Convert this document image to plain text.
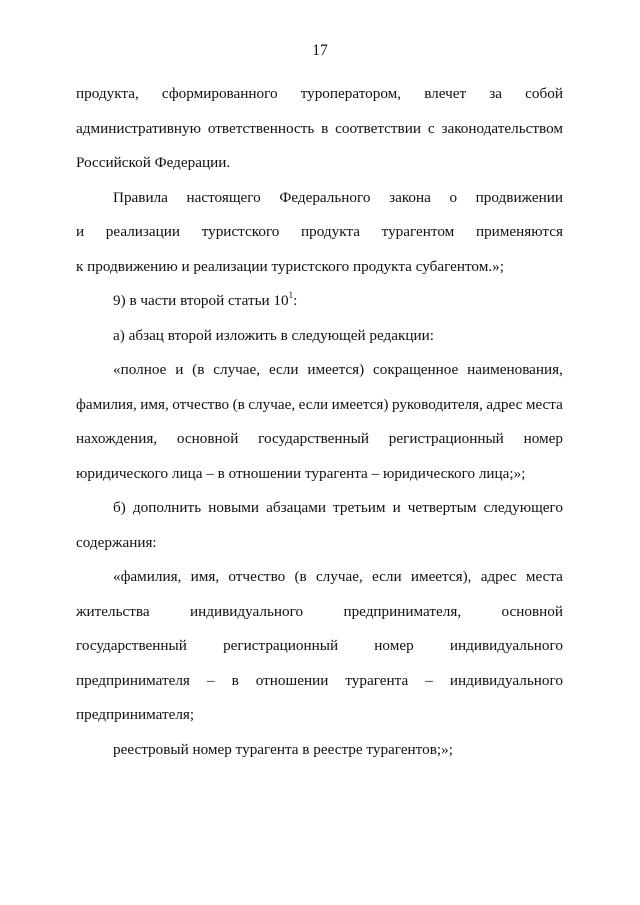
17
продукта, сформированного туроператором, влечет за собой
административную ответственность в соответствии с законодательством
Российской Федерации.
Правила настоящего Федерального закона о продвижении
и реализации туристского продукта турагентом применяются
к продвижению и реализации туристского продукта субагентом.»;
9) в части второй статьи $10^1$:
а) абзац второй изложить в следующей редакции:
«полное и (в случае, если имеется) сокращенное наименования,
фамилия, имя, отчество (в случае, если имеется) руководителя, адрес места
нахождения, основной государственный регистрационный номер
юридического лица – в отношении турагента – юридического лица;»;
б) дополнить новыми абзацами третьим и четвертым следующего
содержания:
«фамилия, имя, отчество (в случае, если имеется), адрес места
жительства	индивидуального	предпринимателя,	основной
государственный регистрационный номер индивидуального
предпринимателя – в отношении турагента – индивидуального
предпринимателя;
реестровый номер турагента в реестре турагентов;»;
